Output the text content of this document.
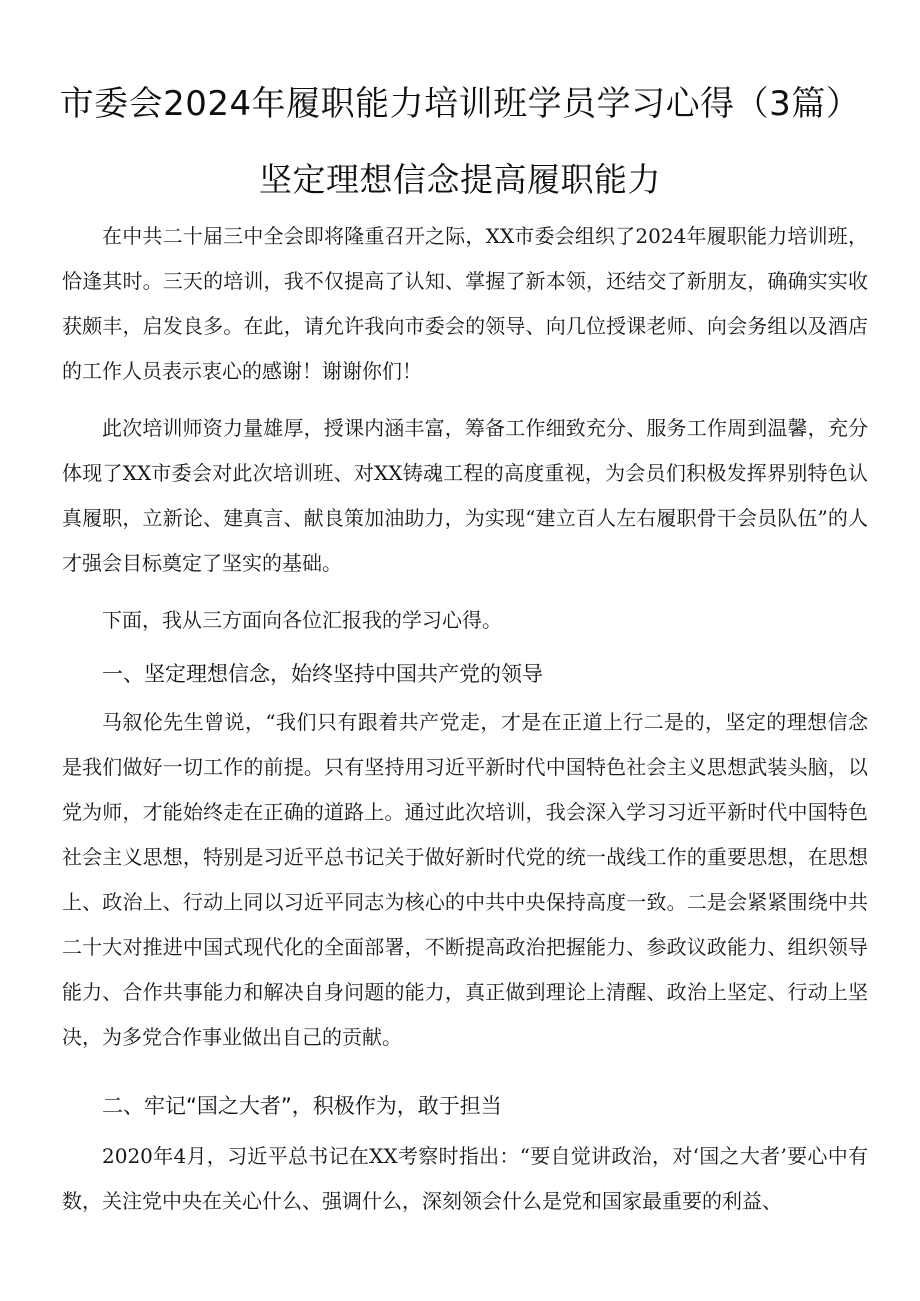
市委会2024年履职能力培训班学员学习心得（3篇）
坚定理想信念提高履职能力
在中共二十届三中全会即将隆重召开之际，XX市委会组织了2024年履职能力培训班，恰逢其时。三天的培训，我不仅提高了认知、掌握了新本领，还结交了新朋友，确确实实收获颇丰，启发良多。在此，请允许我向市委会的领导、向几位授课老师、向会务组以及酒店的工作人员表示衷心的感谢！谢谢你们！
此次培训师资力量雄厚，授课内涵丰富，筹备工作细致充分、服务工作周到温馨，充分体现了XX市委会对此次培训班、对XX铸魂工程的高度重视，为会员们积极发挥界别特色认真履职，立新论、建真言、献良策加油助力，为实现“建立百人左右履职骨干会员队伍”的人才强会目标奠定了坚实的基础。
下面，我从三方面向各位汇报我的学习心得。
一、坚定理想信念，始终坚持中国共产党的领导
马叙伦先生曾说，“我们只有跟着共产党走，才是在正道上行二是的，坚定的理想信念是我们做好一切工作的前提。只有坚持用习近平新时代中国特色社会主义思想武装头脑，以党为师，才能始终走在正确的道路上。通过此次培训，我会深入学习习近平新时代中国特色社会主义思想，特别是习近平总书记关于做好新时代党的统一战线工作的重要思想，在思想上、政治上、行动上同以习近平同志为核心的中共中央保持高度一致。二是会紧紧围绕中共二十大对推进中国式现代化的全面部署，不断提高政治把握能力、参政议政能力、组织领导能力、合作共事能力和解决自身问题的能力，真正做到理论上清醒、政治上坚定、行动上坚决，为多党合作事业做出自己的贡献。
二、牢记“国之大者”，积极作为，敢于担当
2020年4月，习近平总书记在XX考察时指出：“要自觉讲政治，对‘国之大者’要心中有数，关注党中央在关心什么、强调什么，深刻领会什么是党和国家最重要的利益、
